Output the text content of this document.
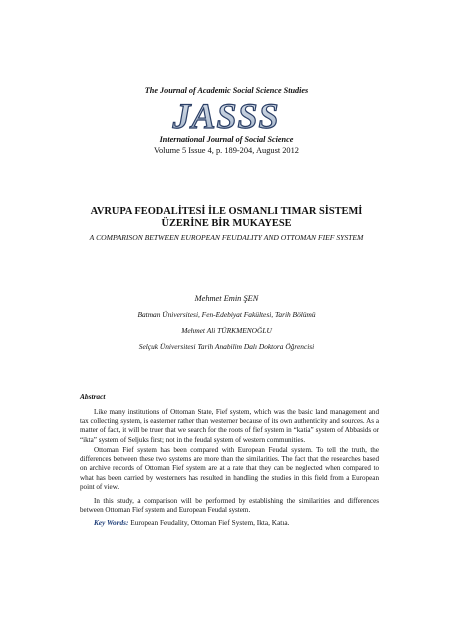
The Journal of Academic Social Science Studies
JASSS
International Journal of Social Science
Volume 5 Issue 4, p. 189-204, August 2012
AVRUPA FEODALİTESİ İLE OSMANLI TIMAR SİSTEMİ
ÜZERİNE BİR MUKAYESE
A COMPARISON BETWEEN EUROPEAN FEUDALITY AND OTTOMAN FIEF SYSTEM
Mehmet Emin ŞEN
Batman Üniversitesi, Fen-Edebiyat Fakültesi, Tarih Bölümü
Mehmet Ali TÜRKMENOĞLU
Selçuk Üniversitesi Tarih Anabilim Dalı Doktora Öğrencisi
Abstract
Like many institutions of Ottoman State, Fief system, which was the basic land management and tax collecting system, is easterner rather than westerner because of its own authenticity and sources. As a matter of fact, it will be truer that we search for the roots of fief system in “katia” system of Abbasids or “ikta” system of Seljuks first; not in the feudal system of western communities.
Ottoman Fief system has been compared with European Feudal system. To tell the truth, the differences between these two systems are more than the similarities. The fact that the researches based on archive records of Ottoman Fief system are at a rate that they can be neglected when compared to what has been carried by westerners has resulted in handling the studies in this field from a European point of view.
In this study, a comparison will be performed by establishing the similarities and differences between Ottoman Fief system and European Feudal system.
Key Words: European Feudality, Ottoman Fief System, Ikta, Katıa.
